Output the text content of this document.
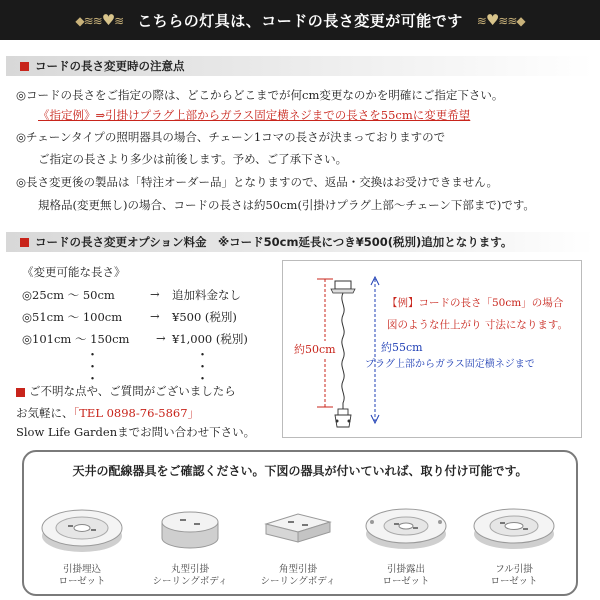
◆≋≋♥≋ こちらの灯具は、コードの長さ変更が可能です ≋♥≋≋◆
コードの長さ変更時の注意点
◎コードの長さをご指定の際は、どこからどこまでが何cm変更なのかを明確にご指定下さい。
《指定例》⇒引掛けプラグ上部からガラス固定横ネジまでの長さを55cmに変更希望
◎チェーンタイプの照明器具の場合、チェーン1コマの長さが決まっておりますので
ご指定の長さより多少は前後します。予め、ご了承下さい。
◎長さ変更後の製品は「特注オーダー品」となりますので、返品・交換はお受けできません。
規格品(変更無し)の場合、コードの長さは約50cm(引掛けプラグ上部～チェーン下部まで)です。
コードの長さ変更オプション料金　※コード50cm延長につき¥500(税別)追加となります。
《変更可能な長さ》
◎25cm ～ 50cm	→ 追加料金なし
◎51cm ～ 100cm → ¥500 (税別)
◎101cm ～ 150cm → ¥1,000 (税別)
・
・
・
・
・
・
ご不明な点や、ご質問がございましたら
お気軽に、「TEL 0898-76-5867」
Slow Life Gardenまでお問い合わせ下さい。
【例】コードの長さ「50cm」の場合
図のような仕上がり 寸法になります。
約50cm	約55cm
プラグ上部からガラス固定横ネジまで
天井の配線器具をご確認ください。下図の器具が付いていれば、取り付け可能です。
引掛埋込
ローゼット
丸型引掛
シーリングボディ
角型引掛
シーリングボディ
引掛露出
ローゼット
フル引掛
ローゼット
